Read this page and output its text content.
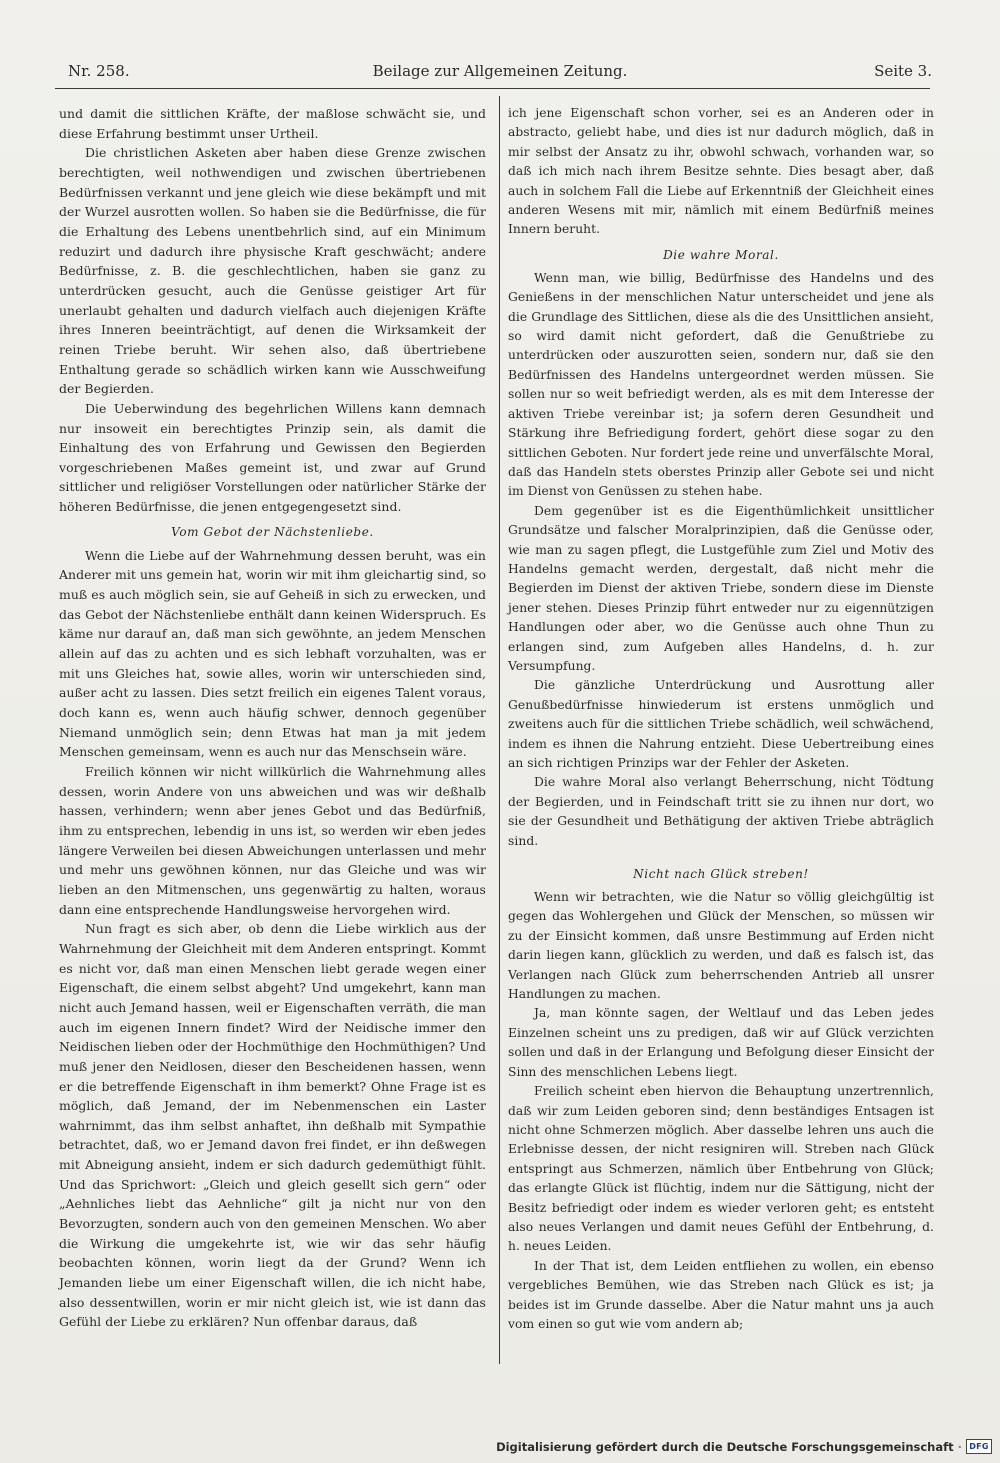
Nr. 258.	Beilage zur Allgemeinen Zeitung.	Seite 3.

und damit die sittlichen Kräfte, der maßlose schwächt sie, und diese Erfahrung bestimmt unser Urtheil.

Die christlichen Asketen aber haben diese Grenze zwischen berechtigten, weil nothwendigen und zwischen übertriebenen Bedürfnissen verkannt und jene gleich wie diese bekämpft und mit der Wurzel ausrotten wollen. So haben sie die Bedürfnisse, die für die Erhaltung des Lebens unentbehrlich sind, auf ein Minimum reduzirt und dadurch ihre physische Kraft geschwächt; andere Bedürfnisse, z. B. die geschlechtlichen, haben sie ganz zu unterdrücken gesucht, auch die Genüsse geistiger Art für unerlaubt gehalten und dadurch vielfach auch diejenigen Kräfte ihres Inneren beeinträchtigt, auf denen die Wirksamkeit der reinen Triebe beruht. Wir sehen also, daß übertriebene Enthaltung gerade so schädlich wirken kann wie Ausschweifung der Begierden.

Die Ueberwindung des begehrlichen Willens kann demnach nur insoweit ein berechtigtes Prinzip sein, als damit die Einhaltung des von Erfahrung und Gewissen den Begierden vorgeschriebenen Maßes gemeint ist, und zwar auf Grund sittlicher und religiöser Vorstellungen oder natürlicher Stärke der höheren Bedürfnisse, die jenen entgegengesetzt sind.

Vom Gebot der Nächstenliebe.

Wenn die Liebe auf der Wahrnehmung dessen beruht, was ein Anderer mit uns gemein hat, worin wir mit ihm gleichartig sind, so muß es auch möglich sein, sie auf Geheiß in sich zu erwecken, und das Gebot der Nächstenliebe enthält dann keinen Widerspruch. Es käme nur darauf an, daß man sich gewöhnte, an jedem Menschen allein auf das zu achten und es sich lebhaft vorzuhalten, was er mit uns Gleiches hat, sowie alles, worin wir unterschieden sind, außer acht zu lassen. Dies setzt freilich ein eigenes Talent voraus, doch kann es, wenn auch häufig schwer, dennoch gegenüber Niemand unmöglich sein; denn Etwas hat man ja mit jedem Menschen gemeinsam, wenn es auch nur das Menschsein wäre.

Freilich können wir nicht willkürlich die Wahrnehmung alles dessen, worin Andere von uns abweichen und was wir deßhalb hassen, verhindern; wenn aber jenes Gebot und das Bedürfniß, ihm zu entsprechen, lebendig in uns ist, so werden wir eben jedes längere Verweilen bei diesen Abweichungen unterlassen und mehr und mehr uns gewöhnen können, nur das Gleiche und was wir lieben an den Mitmenschen, uns gegenwärtig zu halten, woraus dann eine entsprechende Handlungsweise hervorgehen wird.

Nun fragt es sich aber, ob denn die Liebe wirklich aus der Wahrnehmung der Gleichheit mit dem Anderen entspringt. Kommt es nicht vor, daß man einen Menschen liebt gerade wegen einer Eigenschaft, die einem selbst abgeht? Und umgekehrt, kann man nicht auch Jemand hassen, weil er Eigenschaften verräth, die man auch im eigenen Innern findet? Wird der Neidische immer den Neidischen lieben oder der Hochmüthige den Hochmüthigen? Und muß jener den Neidlosen, dieser den Bescheidenen hassen, wenn er die betreffende Eigenschaft in ihm bemerkt? Ohne Frage ist es möglich, daß Jemand, der im Nebenmenschen ein Laster wahrnimmt, das ihm selbst anhaftet, ihn deßhalb mit Sympathie betrachtet, daß, wo er Jemand davon frei findet, er ihn deßwegen mit Abneigung ansieht, indem er sich dadurch gedemüthigt fühlt. Und das Sprichwort: „Gleich und gleich gesellt sich gern“ oder „Aehnliches liebt das Aehnliche“ gilt ja nicht nur von den Bevorzugten, sondern auch von den gemeinen Menschen. Wo aber die Wirkung die umgekehrte ist, wie wir das sehr häufig beobachten können, worin liegt da der Grund? Wenn ich Jemanden liebe um einer Eigenschaft willen, die ich nicht habe, also dessentwillen, worin er mir nicht gleich ist, wie ist dann das Gefühl der Liebe zu erklären? Nun offenbar daraus, daß

ich jene Eigenschaft schon vorher, sei es an Anderen oder in abstracto, geliebt habe, und dies ist nur dadurch möglich, daß in mir selbst der Ansatz zu ihr, obwohl schwach, vorhanden war, so daß ich mich nach ihrem Besitze sehnte. Dies besagt aber, daß auch in solchem Fall die Liebe auf Erkenntniß der Gleichheit eines anderen Wesens mit mir, nämlich mit einem Bedürfniß meines Innern beruht.

Die wahre Moral.

Wenn man, wie billig, Bedürfnisse des Handelns und des Genießens in der menschlichen Natur unterscheidet und jene als die Grundlage des Sittlichen, diese als die des Unsittlichen ansieht, so wird damit nicht gefordert, daß die Genußtriebe zu unterdrücken oder auszurotten seien, sondern nur, daß sie den Bedürfnissen des Handelns untergeordnet werden müssen. Sie sollen nur so weit befriedigt werden, als es mit dem Interesse der aktiven Triebe vereinbar ist; ja sofern deren Gesundheit und Stärkung ihre Befriedigung fordert, gehört diese sogar zu den sittlichen Geboten. Nur fordert jede reine und unverfälschte Moral, daß das Handeln stets oberstes Prinzip aller Gebote sei und nicht im Dienst von Genüssen zu stehen habe.

Dem gegenüber ist es die Eigenthümlichkeit unsittlicher Grundsätze und falscher Moralprinzipien, daß die Genüsse oder, wie man zu sagen pflegt, die Lustgefühle zum Ziel und Motiv des Handelns gemacht werden, dergestalt, daß nicht mehr die Begierden im Dienst der aktiven Triebe, sondern diese im Dienste jener stehen. Dieses Prinzip führt entweder nur zu eigennützigen Handlungen oder aber, wo die Genüsse auch ohne Thun zu erlangen sind, zum Aufgeben alles Handelns, d. h. zur Versumpfung.

Die gänzliche Unterdrückung und Ausrottung aller Genußbedürfnisse hinwiederum ist erstens unmöglich und zweitens auch für die sittlichen Triebe schädlich, weil schwächend, indem es ihnen die Nahrung entzieht. Diese Uebertreibung eines an sich richtigen Prinzips war der Fehler der Asketen.

Die wahre Moral also verlangt Beherrschung, nicht Tödtung der Begierden, und in Feindschaft tritt sie zu ihnen nur dort, wo sie der Gesundheit und Bethätigung der aktiven Triebe abträglich sind.

Nicht nach Glück streben!

Wenn wir betrachten, wie die Natur so völlig gleichgültig ist gegen das Wohlergehen und Glück der Menschen, so müssen wir zu der Einsicht kommen, daß unsre Bestimmung auf Erden nicht darin liegen kann, glücklich zu werden, und daß es falsch ist, das Verlangen nach Glück zum beherrschenden Antrieb all unsrer Handlungen zu machen.

Ja, man könnte sagen, der Weltlauf und das Leben jedes Einzelnen scheint uns zu predigen, daß wir auf Glück verzichten sollen und daß in der Erlangung und Befolgung dieser Einsicht der Sinn des menschlichen Lebens liegt.

Freilich scheint eben hiervon die Behauptung unzertrennlich, daß wir zum Leiden geboren sind; denn beständiges Entsagen ist nicht ohne Schmerzen möglich. Aber dasselbe lehren uns auch die Erlebnisse dessen, der nicht resigniren will. Streben nach Glück entspringt aus Schmerzen, nämlich über Entbehrung von Glück; das erlangte Glück ist flüchtig, indem nur die Sättigung, nicht der Besitz befriedigt oder indem es wieder verloren geht; es entsteht also neues Verlangen und damit neues Gefühl der Entbehrung, d. h. neues Leiden.

In der That ist, dem Leiden entfliehen zu wollen, ein ebenso vergebliches Bemühen, wie das Streben nach Glück es ist; ja beides ist im Grunde dasselbe. Aber die Natur mahnt uns ja auch vom einen so gut wie vom andern ab;

Digitalisierung gefördert durch die Deutsche Forschungsgemeinschaft · DFG
